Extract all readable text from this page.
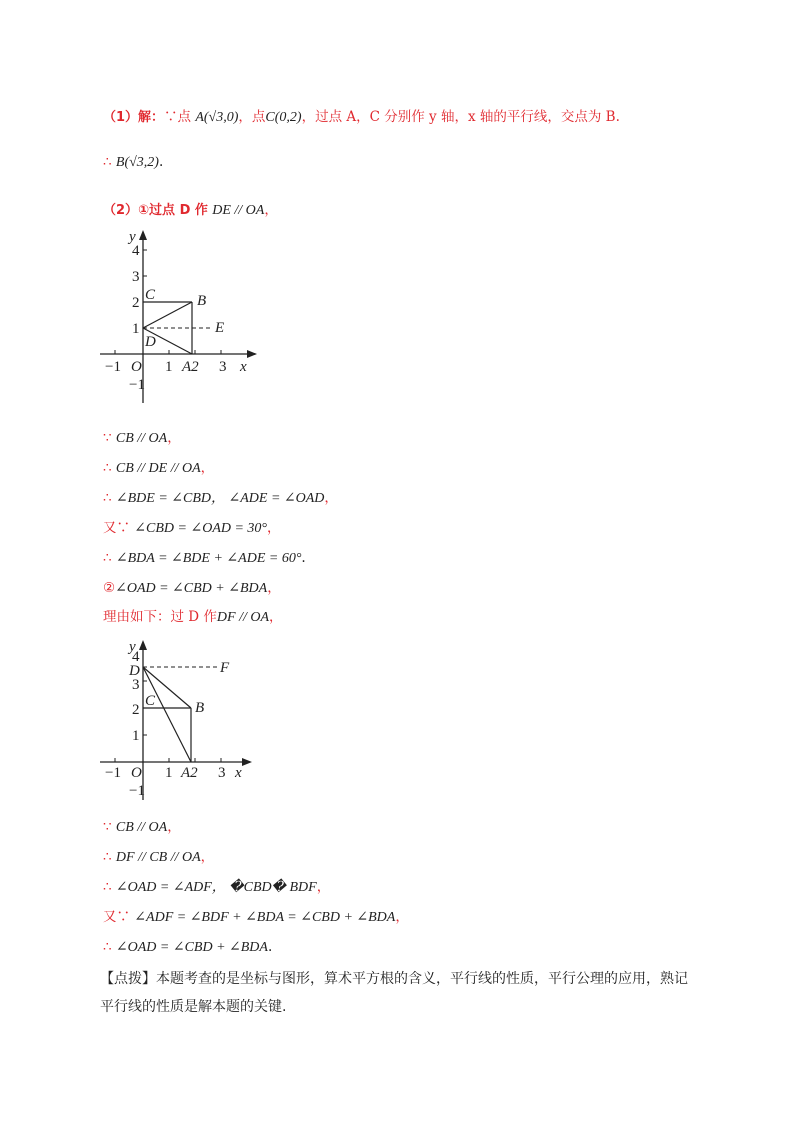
（1）解：∵点 A(√3,0)，点C(0,2)，过点 A，C 分别作 y 轴，x 轴的平行线，交点为 B.
∴ B(√3,2).
（2）①过点 D 作 DE // OA，
y
4
3
2
1
−1
−1 O 1 A2 3 x
C	B
D
E
∵ CB // OA，
∴ CB // DE // OA，
∴ ∠BDE = ∠CBD， ∠ADE = ∠OAD，
又∵ ∠CBD = ∠OAD = 30°，
∴ ∠BDA = ∠BDE + ∠ADE = 60°.
②∠OAD = ∠CBD + ∠BDA，
理由如下：过 D 作DF // OA，
y
4
3
2
1
−1
−1 O 1 A2 3 x
D	F
C	B
∵ CB // OA，
∴ DF // CB // OA，
∴ ∠OAD = ∠ADF， �CBD� BDF，
又∵ ∠ADF = ∠BDF + ∠BDA = ∠CBD + ∠BDA，
∴ ∠OAD = ∠CBD + ∠BDA.
【点拨】本题考查的是坐标与图形，算术平方根的含义，平行线的性质，平行公理的应用，熟记平行线的性质是解本题的关键.
